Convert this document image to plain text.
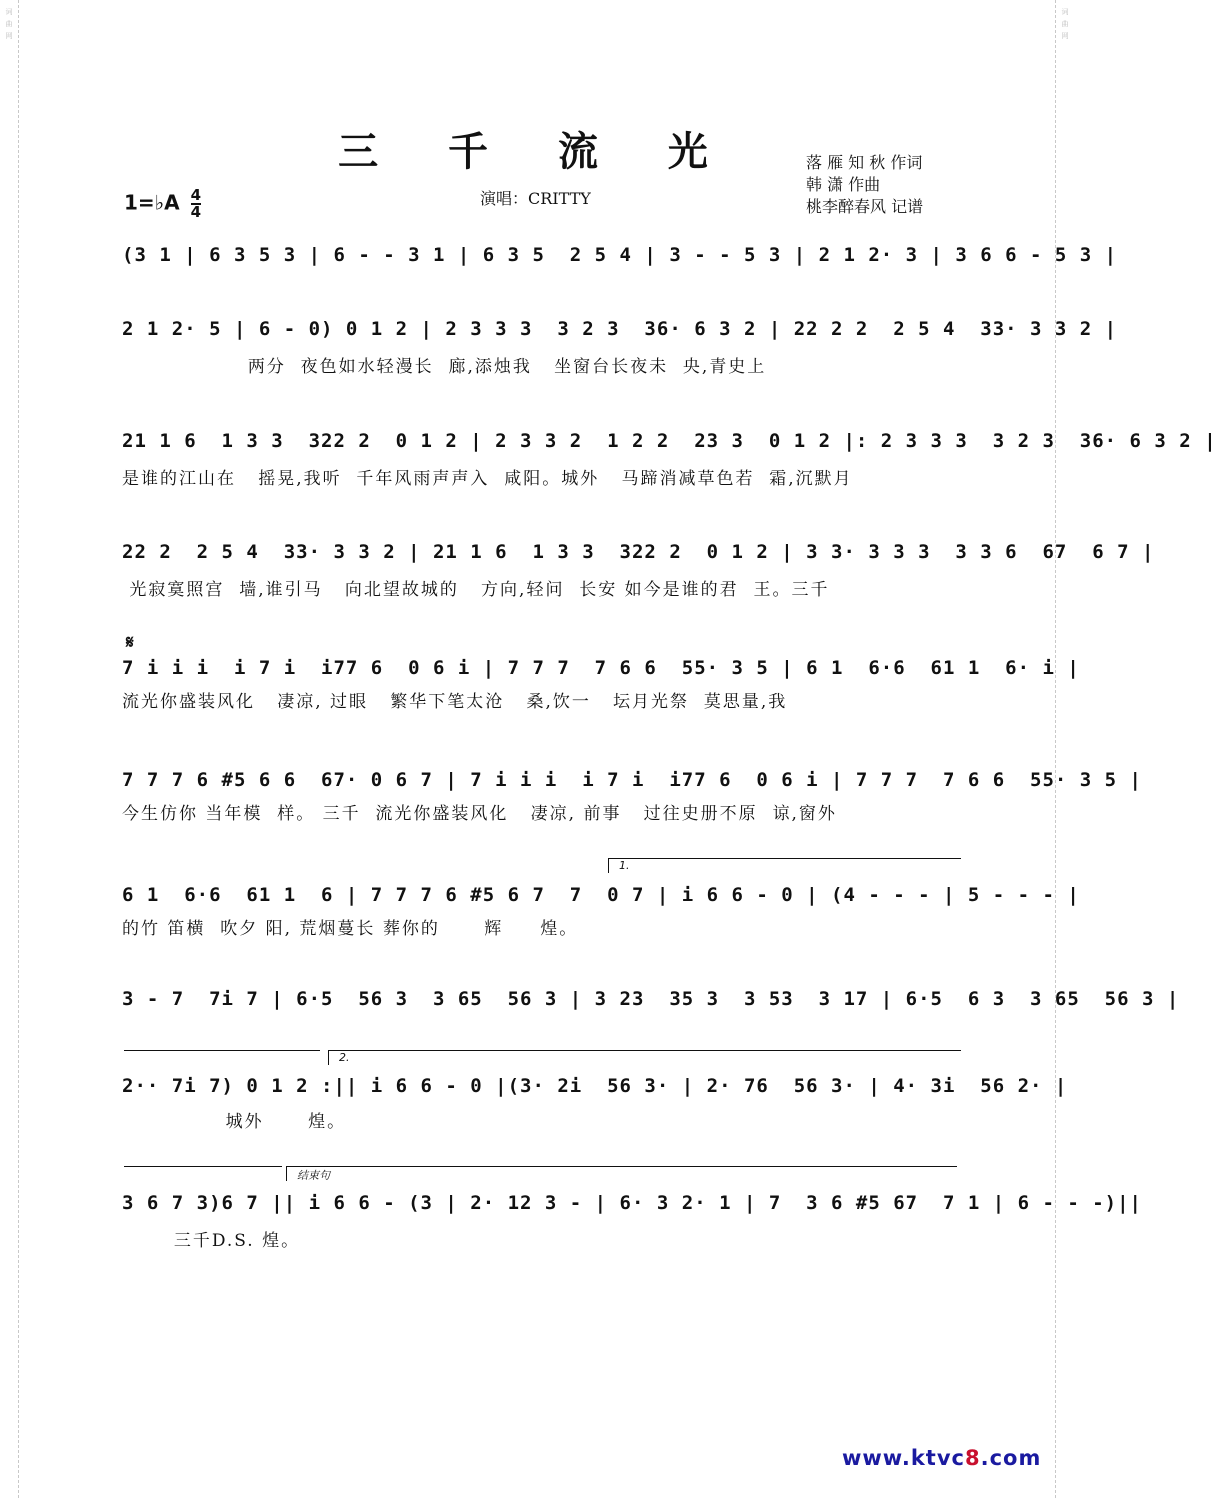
词
曲
网
词
曲
网
三 千 流 光	落 雁 知 秋 作词
韩 潇 作曲
桃李醉春风 记谱
1=♭A $\frac{4}{4}$	演唱：CRITTY
𝄋
(3 1 | 6 3 5 3 | 6 - - 3 1 | 6 3 5  2 5 4 | 3 - - 5 3 | 2 1 2· 3 | 3 6 6 - 5 3 |
2 1 2· 5 | 6 - 0) 0 1 2 | 2 3 3 3  3 2 3  36· 6 3 2 | 22 2 2  2 5 4  33· 3 3 2 |
两分  夜色如水轻漫长  廊,添烛我   坐窗台长夜未  央,青史上
21 1 6  1 3 3  322 2  0 1 2 | 2 3 3 2  1 2 2  23 3  0 1 2 |: 2 3 3 3  3 2 3  36· 6 3 2 |
是谁的江山在   摇晃,我听  千年风雨声声入  咸阳。城外   马蹄消减草色若  霜,沉默月
22 2  2 5 4  33· 3 3 2 | 21 1 6  1 3 3  322 2  0 1 2 | 3 3· 3 3 3  3 3 6  67  6 7 |
光寂寞照宫  墙,谁引马   向北望故城的   方向,轻问  长安 如今是谁的君  王。三千
7 i i i  i 7 i  i77 6  0 6 i | 7 7 7  7 6 6  55· 3 5 | 6 1  6·6  61 1  6· i |
流光你盛装风化   凄凉, 过眼   繁华下笔太沧   桑,饮一   坛月光祭  莫思量,我
7 7 7 6 #5 6 6  67· 0 6 7 | 7 i i i  i 7 i  i77 6  0 6 i | 7 7 7  7 6 6  55· 3 5 |
今生仿你 当年模  样。 三千  流光你盛装风化   凄凉, 前事   过往史册不原  谅,窗外
1.
6 1  6·6  61 1  6 | 7 7 7 6 #5 6 7  7  0 7 | i 6 6 - 0 | (4 - - - | 5 - - - |
的竹 笛横  吹夕 阳, 荒烟蔓长 葬你的      辉     煌。
3 - 7  7i 7 | 6·5  56 3  3 65  56 3 | 3 23  35 3  3 53  3 17 | 6·5  6 3  3 65  56 3 |
2.
2·· 7i 7) 0 1 2 :|| i 6 6 - 0 |(3· 2i  56 3· | 2· 76  56 3· | 4· 3i  56 2· |
城外      煌。
结束句
3 6 7 3)6 7 || i 6 6 - (3 | 2· 12 3 - | 6· 3 2· 1 | 7  3 6 #5 67  7 1 | 6 - - -)||
三千D.S. 煌。
www.ktvc8.com
